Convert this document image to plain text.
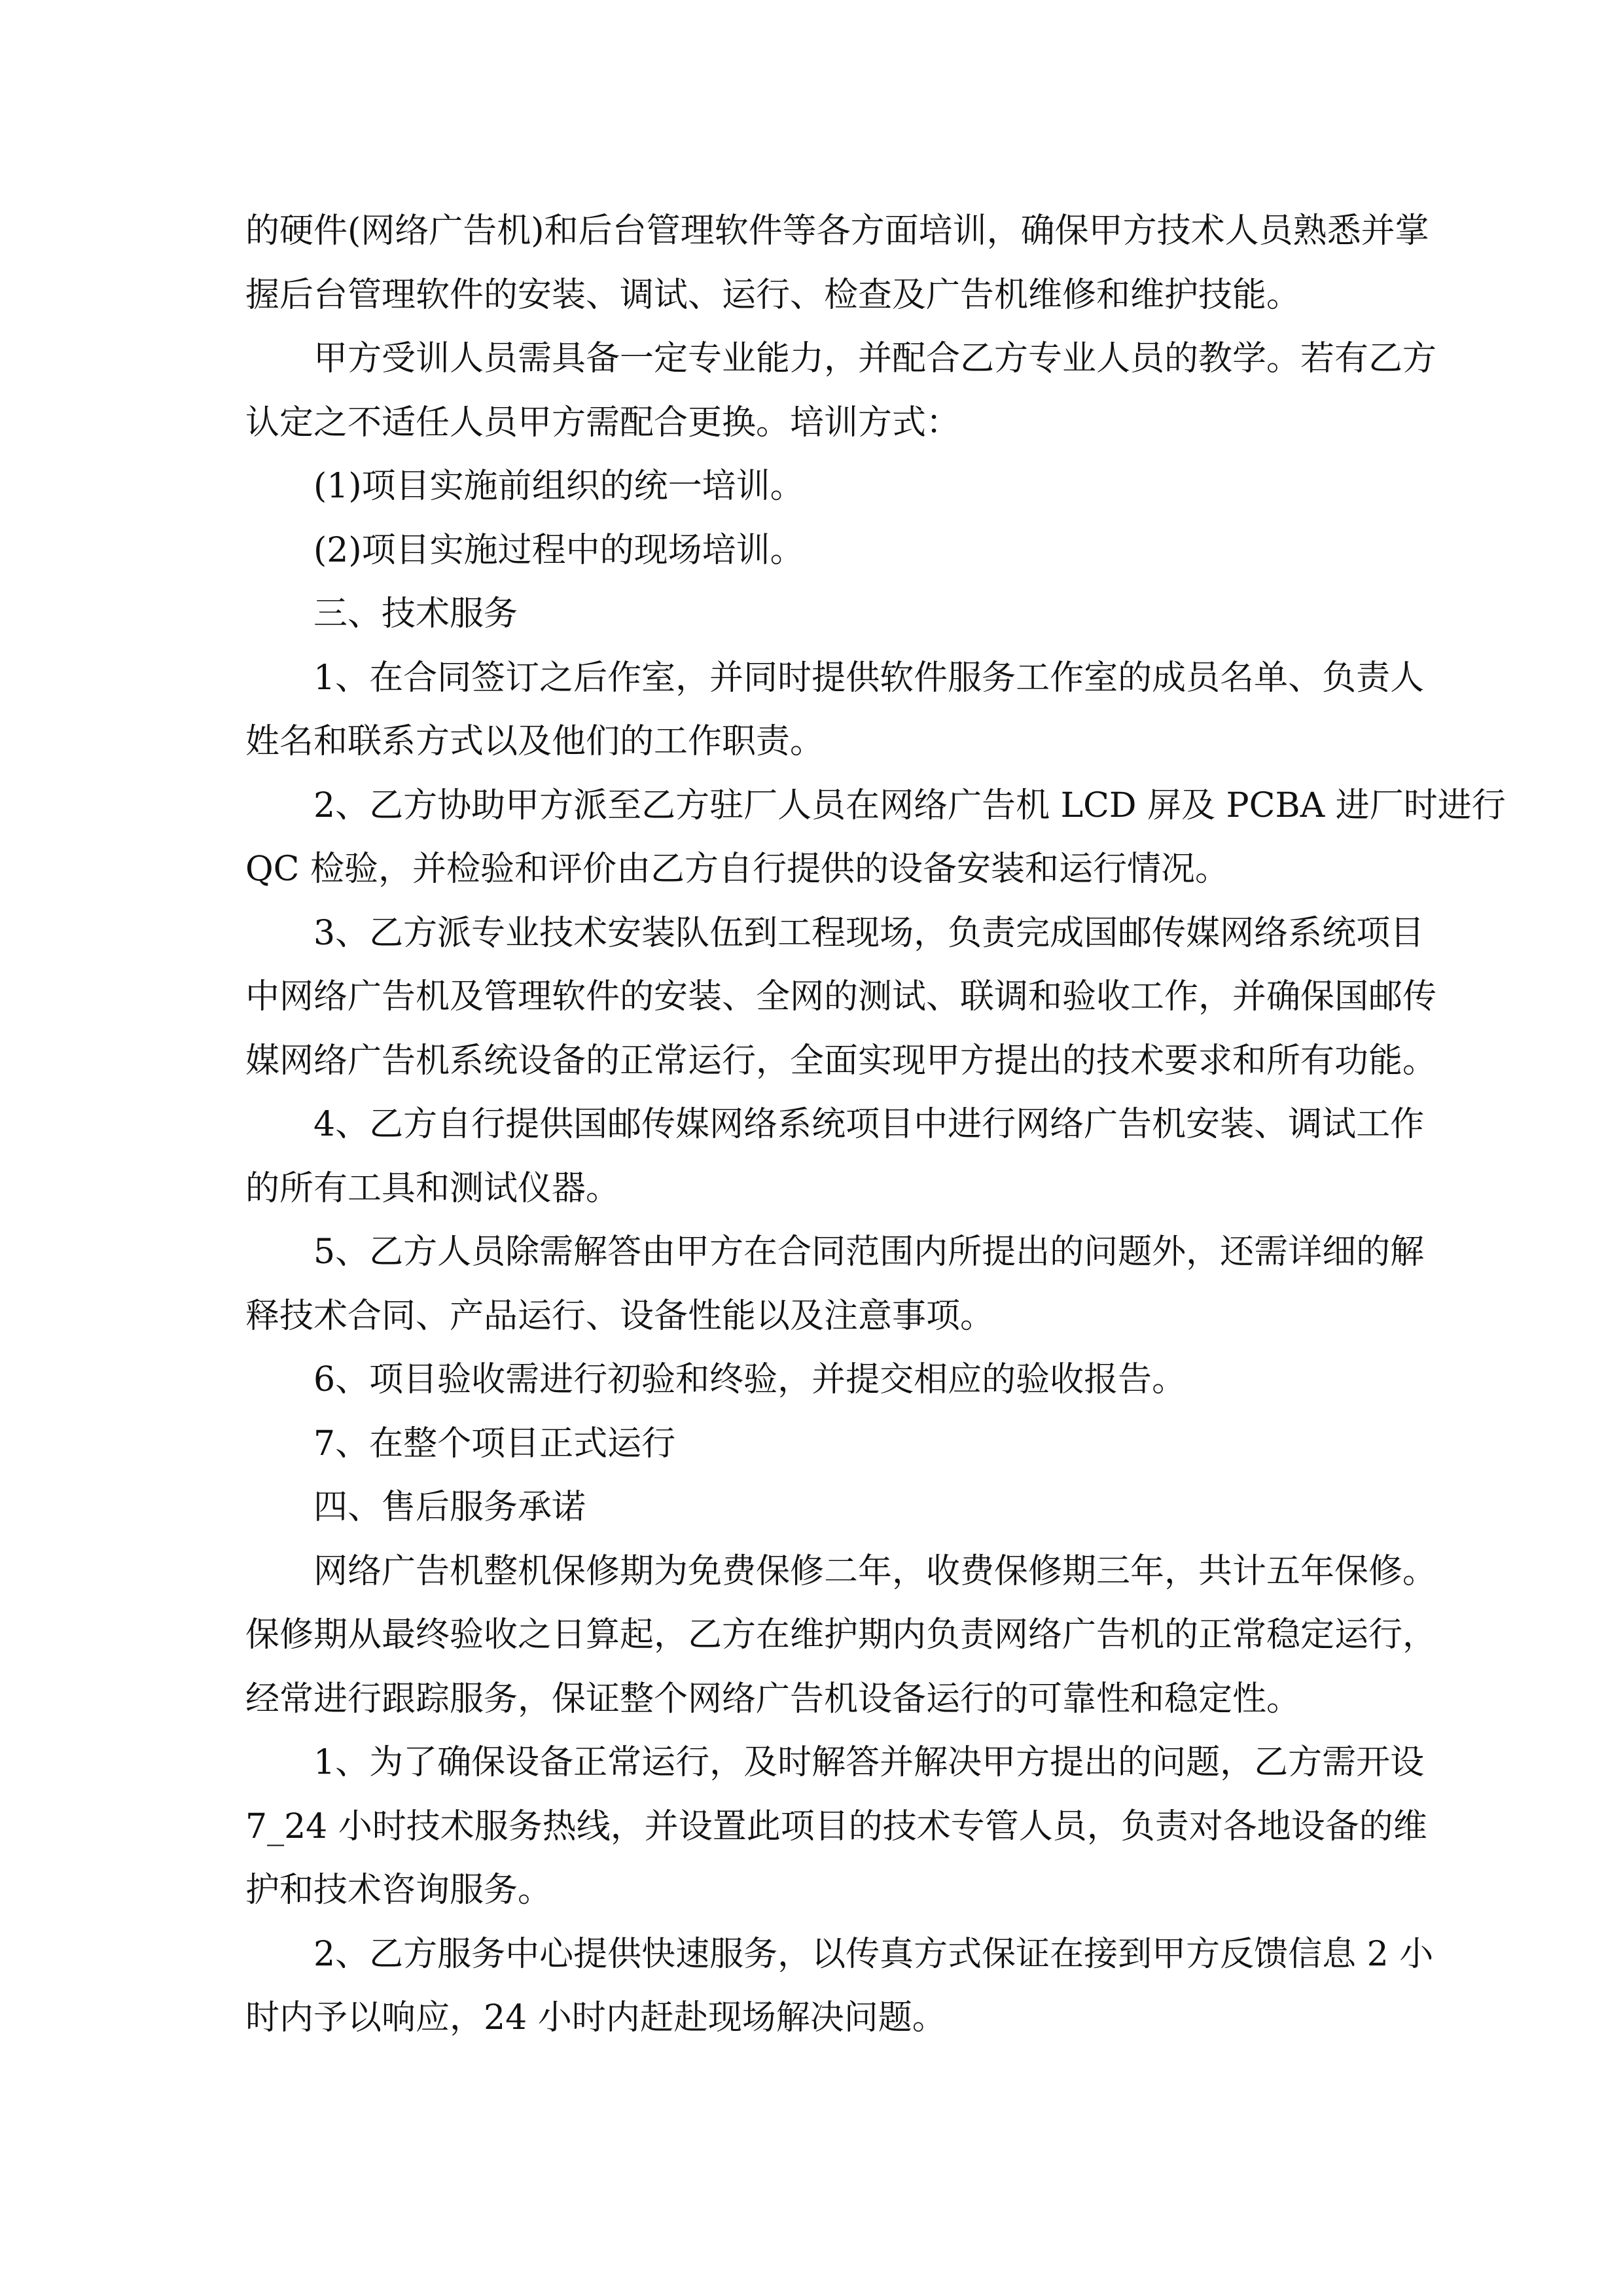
的硬件(网络广告机)和后台管理软件等各方面培训，确保甲方技术人员熟悉并掌

握后台管理软件的安装、调试、运行、检查及广告机维修和维护技能。

甲方受训人员需具备一定专业能力，并配合乙方专业人员的教学。若有乙方

认定之不适任人员甲方需配合更换。培训方式：

(1)项目实施前组织的统一培训。

(2)项目实施过程中的现场培训。

三、技术服务

1、在合同签订之后作室，并同时提供软件服务工作室的成员名单、负责人

姓名和联系方式以及他们的工作职责。

2、乙方协助甲方派至乙方驻厂人员在网络广告机 LCD 屏及 PCBA 进厂时进行

QC 检验，并检验和评价由乙方自行提供的设备安装和运行情况。

3、乙方派专业技术安装队伍到工程现场，负责完成国邮传媒网络系统项目

中网络广告机及管理软件的安装、全网的测试、联调和验收工作，并确保国邮传

媒网络广告机系统设备的正常运行，全面实现甲方提出的技术要求和所有功能。

4、乙方自行提供国邮传媒网络系统项目中进行网络广告机安装、调试工作

的所有工具和测试仪器。

5、乙方人员除需解答由甲方在合同范围内所提出的问题外，还需详细的解

释技术合同、产品运行、设备性能以及注意事项。

6、项目验收需进行初验和终验，并提交相应的验收报告。

7、在整个项目正式运行

四、售后服务承诺

网络广告机整机保修期为免费保修二年，收费保修期三年，共计五年保修。

保修期从最终验收之日算起，乙方在维护期内负责网络广告机的正常稳定运行，

经常进行跟踪服务，保证整个网络广告机设备运行的可靠性和稳定性。

1、为了确保设备正常运行，及时解答并解决甲方提出的问题，乙方需开设

7_24 小时技术服务热线，并设置此项目的技术专管人员，负责对各地设备的维

护和技术咨询服务。

2、乙方服务中心提供快速服务，以传真方式保证在接到甲方反馈信息 2 小

时内予以响应，24 小时内赶赴现场解决问题。
